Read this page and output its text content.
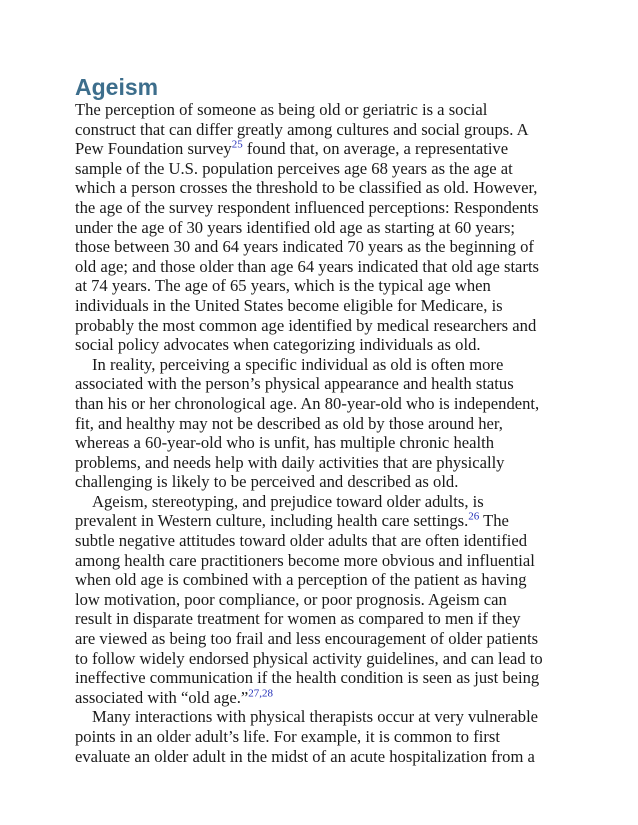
Ageism

The perception of someone as being old or geriatric is a social
construct that can differ greatly among cultures and social groups. A
Pew Foundation survey$^{25}$ found that, on average, a representative
sample of the U.S. population perceives age 68 years as the age at
which a person crosses the threshold to be classified as old. However,
the age of the survey respondent influenced perceptions: Respondents
under the age of 30 years identified old age as starting at 60 years;
those between 30 and 64 years indicated 70 years as the beginning of
old age; and those older than age 64 years indicated that old age starts
at 74 years. The age of 65 years, which is the typical age when
individuals in the United States become eligible for Medicare, is
probably the most common age identified by medical researchers and
social policy advocates when categorizing individuals as old.

In reality, perceiving a specific individual as old is often more
associated with the person’s physical appearance and health status
than his or her chronological age. An 80-year-old who is independent,
fit, and healthy may not be described as old by those around her,
whereas a 60-year-old who is unfit, has multiple chronic health
problems, and needs help with daily activities that are physically
challenging is likely to be perceived and described as old.

Ageism, stereotyping, and prejudice toward older adults, is
prevalent in Western culture, including health care settings.$^{26}$ The
subtle negative attitudes toward older adults that are often identified
among health care practitioners become more obvious and influential
when old age is combined with a perception of the patient as having
low motivation, poor compliance, or poor prognosis. Ageism can
result in disparate treatment for women as compared to men if they
are viewed as being too frail and less encouragement of older patients
to follow widely endorsed physical activity guidelines, and can lead to
ineffective communication if the health condition is seen as just being
associated with “old age.”$^{27,28}$

Many interactions with physical therapists occur at very vulnerable
points in an older adult’s life. For example, it is common to first
evaluate an older adult in the midst of an acute hospitalization from a
